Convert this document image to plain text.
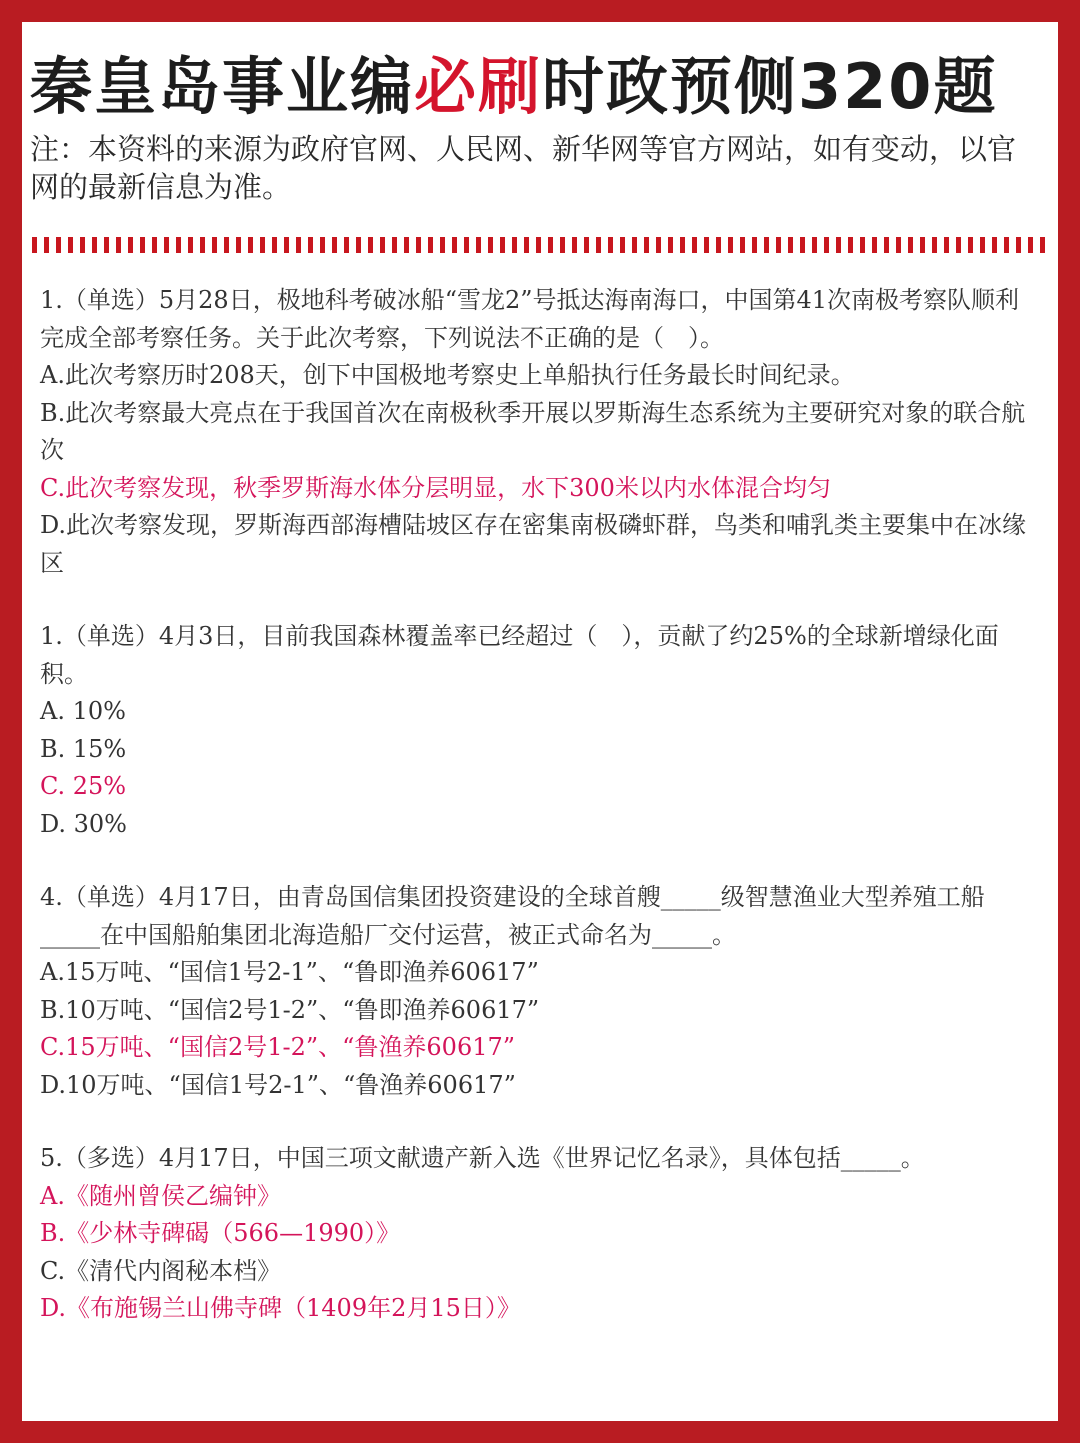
秦皇岛事业编必刷时政预侧320题

注：本资料的来源为政府官网、人民网、新华网等官方网站，如有变动，以官网的最新信息为准。

1.（单选）5月28日，极地科考破冰船“雪龙2”号抵达海南海口，中国第41次南极考察队顺利完成全部考察任务。关于此次考察，下列说法不正确的是（　）。

A.此次考察历时208天，创下中国极地考察史上单船执行任务最长时间纪录。

B.此次考察最大亮点在于我国首次在南极秋季开展以罗斯海生态系统为主要研究对象的联合航次

C.此次考察发现，秋季罗斯海水体分层明显，水下300米以内水体混合均匀

D.此次考察发现，罗斯海西部海槽陆坡区存在密集南极磷虾群，鸟类和哺乳类主要集中在冰缘区

1.（单选）4月3日，目前我国森林覆盖率已经超过（　），贡献了约25%的全球新增绿化面积。

A. 10%

B. 15%

C. 25%

D. 30%

4.（单选）4月17日，由青岛国信集团投资建设的全球首艘_____级智慧渔业大型养殖工船_____在中国船舶集团北海造船厂交付运营，被正式命名为_____。

A.15万吨、“国信1号2-1”、“鲁即渔养60617”

B.10万吨、“国信2号1-2”、“鲁即渔养60617”

C.15万吨、“国信2号1-2”、“鲁渔养60617”

D.10万吨、“国信1号2-1”、“鲁渔养60617”

5.（多选）4月17日，中国三项文献遗产新入选《世界记忆名录》，具体包括_____。

A.《随州曾侯乙编钟》

B.《少林寺碑碣（566—1990）》

C.《清代内阁秘本档》

D.《布施锡兰山佛寺碑（1409年2月15日）》
